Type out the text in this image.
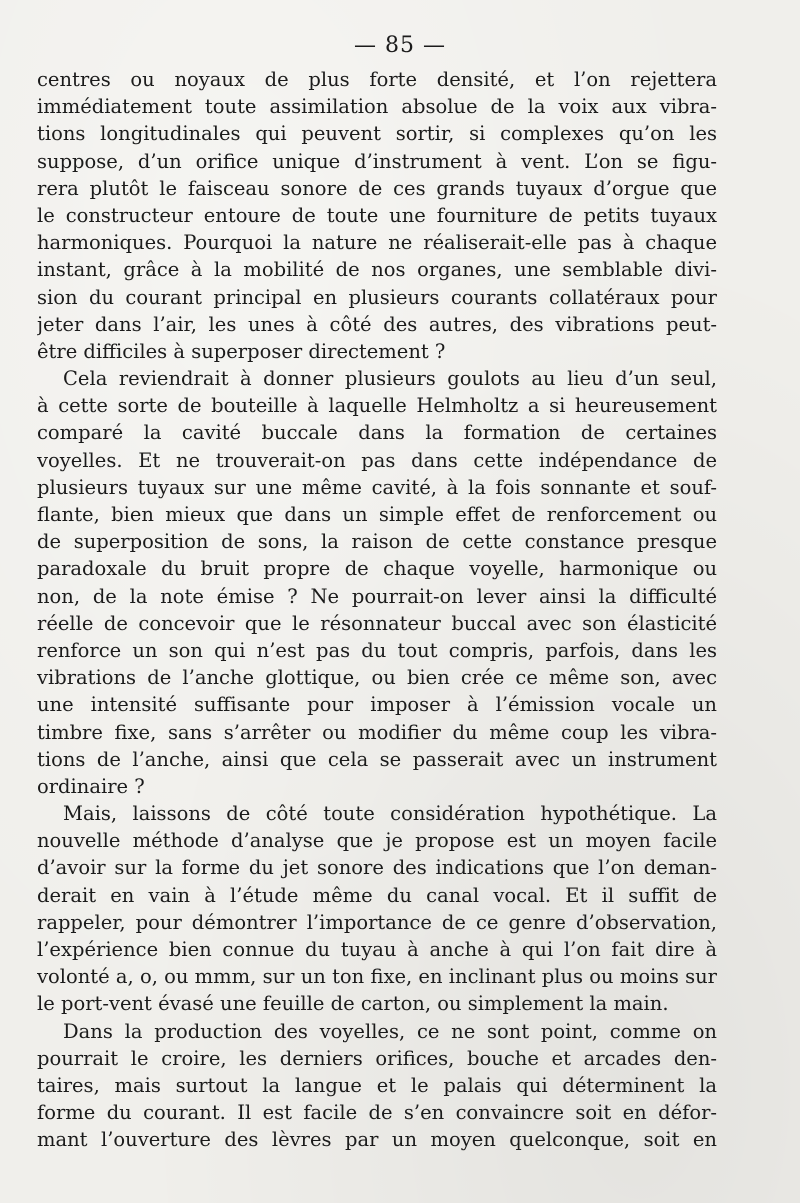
— 85 —
centres ou noyaux de plus forte densité, et l’on rejettera
immédiatement toute assimilation absolue de la voix aux vibra-
tions longitudinales qui peuvent sortir, si complexes qu’on les
suppose, d’un orifice unique d’instrument à vent. L’on se figu-
rera plutôt le faisceau sonore de ces grands tuyaux d’orgue que
le constructeur entoure de toute une fourniture de petits tuyaux
harmoniques. Pourquoi la nature ne réaliserait-elle pas à chaque
instant, grâce à la mobilité de nos organes, une semblable divi-
sion du courant principal en plusieurs courants collatéraux pour
jeter dans l’air, les unes à côté des autres, des vibrations peut-
être difficiles à superposer directement ?
Cela reviendrait à donner plusieurs goulots au lieu d’un seul,
à cette sorte de bouteille à laquelle Helmholtz a si heureusement
comparé la cavité buccale dans la formation de certaines
voyelles. Et ne trouverait-on pas dans cette indépendance de
plusieurs tuyaux sur une même cavité, à la fois sonnante et souf-
flante, bien mieux que dans un simple effet de renforcement ou
de superposition de sons, la raison de cette constance presque
paradoxale du bruit propre de chaque voyelle, harmonique ou
non, de la note émise ? Ne pourrait-on lever ainsi la difficulté
réelle de concevoir que le résonnateur buccal avec son élasticité
renforce un son qui n’est pas du tout compris, parfois, dans les
vibrations de l’anche glottique, ou bien crée ce même son, avec
une intensité suffisante pour imposer à l’émission vocale un
timbre fixe, sans s’arrêter ou modifier du même coup les vibra-
tions de l’anche, ainsi que cela se passerait avec un instrument
ordinaire ?
Mais, laissons de côté toute considération hypothétique. La
nouvelle méthode d’analyse que je propose est un moyen facile
d’avoir sur la forme du jet sonore des indications que l’on deman-
derait en vain à l’étude même du canal vocal. Et il suffit de
rappeler, pour démontrer l’importance de ce genre d’observation,
l’expérience bien connue du tuyau à anche à qui l’on fait dire à
volonté a, o, ou mmm, sur un ton fixe, en inclinant plus ou moins sur
le port-vent évasé une feuille de carton, ou simplement la main.
Dans la production des voyelles, ce ne sont point, comme on
pourrait le croire, les derniers orifices, bouche et arcades den-
taires, mais surtout la langue et le palais qui déterminent la
forme du courant. Il est facile de s’en convaincre soit en défor-
mant l’ouverture des lèvres par un moyen quelconque, soit en
